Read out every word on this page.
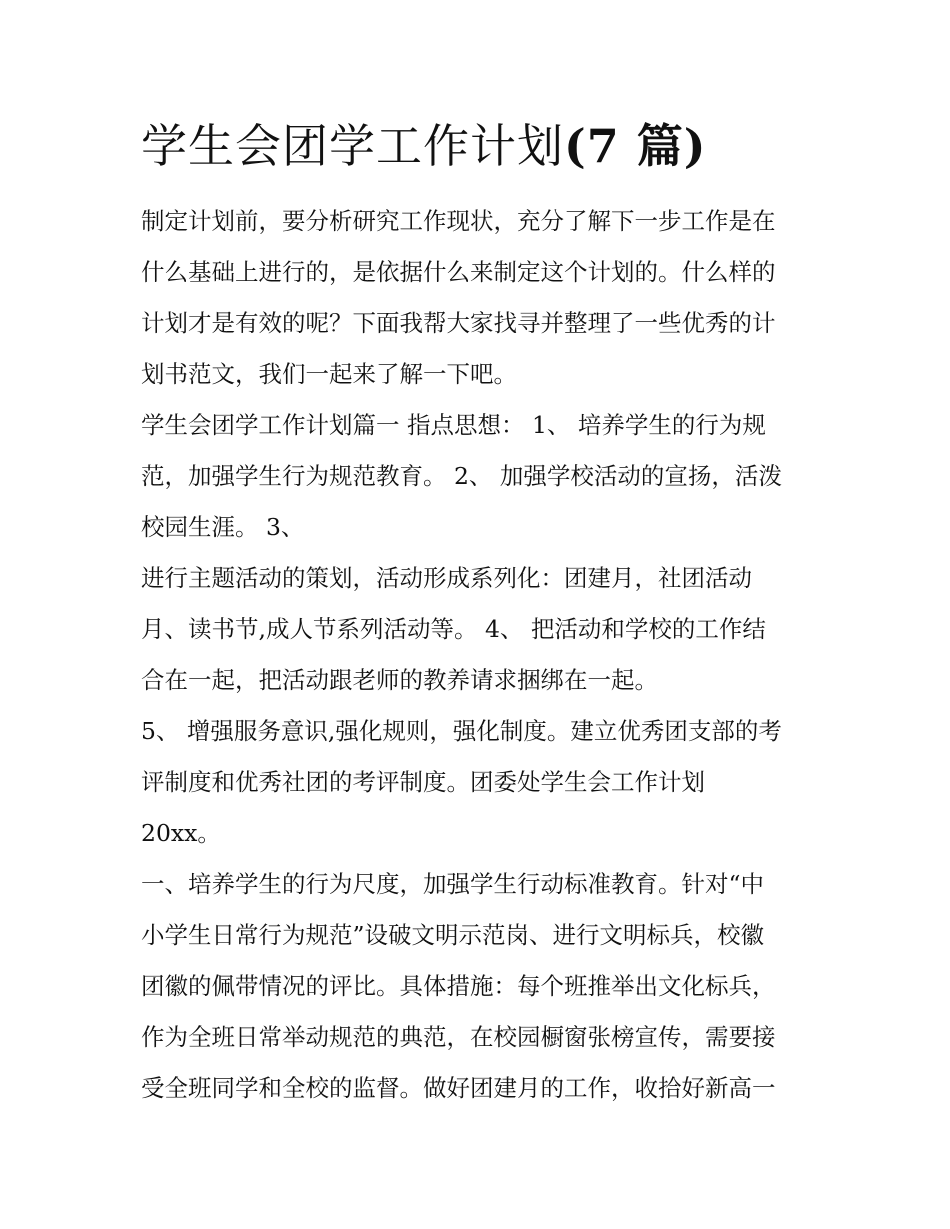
学生会团学工作计划(7 篇)
制定计划前，要分析研究工作现状，充分了解下一步工作是在
什么基础上进行的，是依据什么来制定这个计划的。什么样的
计划才是有效的呢？下面我帮大家找寻并整理了一些优秀的计
划书范文，我们一起来了解一下吧。
学生会团学工作计划篇一 指点思想： 1、 培养学生的行为规
范，加强学生行为规范教育。 2、 加强学校活动的宣扬，活泼
校园生涯。 3、
进行主题活动的策划，活动形成系列化：团建月，社团活动
月、读书节,成人节系列活动等。 4、 把活动和学校的工作结
合在一起，把活动跟老师的教养请求捆绑在一起。
5、 增强服务意识,强化规则，强化制度。建立优秀团支部的考
评制度和优秀社团的考评制度。团委处学生会工作计划
20xx。
一、培养学生的行为尺度，加强学生行动标准教育。针对“中
小学生日常行为规范”设破文明示范岗、进行文明标兵，校徽
团徽的佩带情况的评比。具体措施：每个班推举出文化标兵，
作为全班日常举动规范的典范，在校园橱窗张榜宣传，需要接
受全班同学和全校的监督。做好团建月的工作，收拾好新高一
